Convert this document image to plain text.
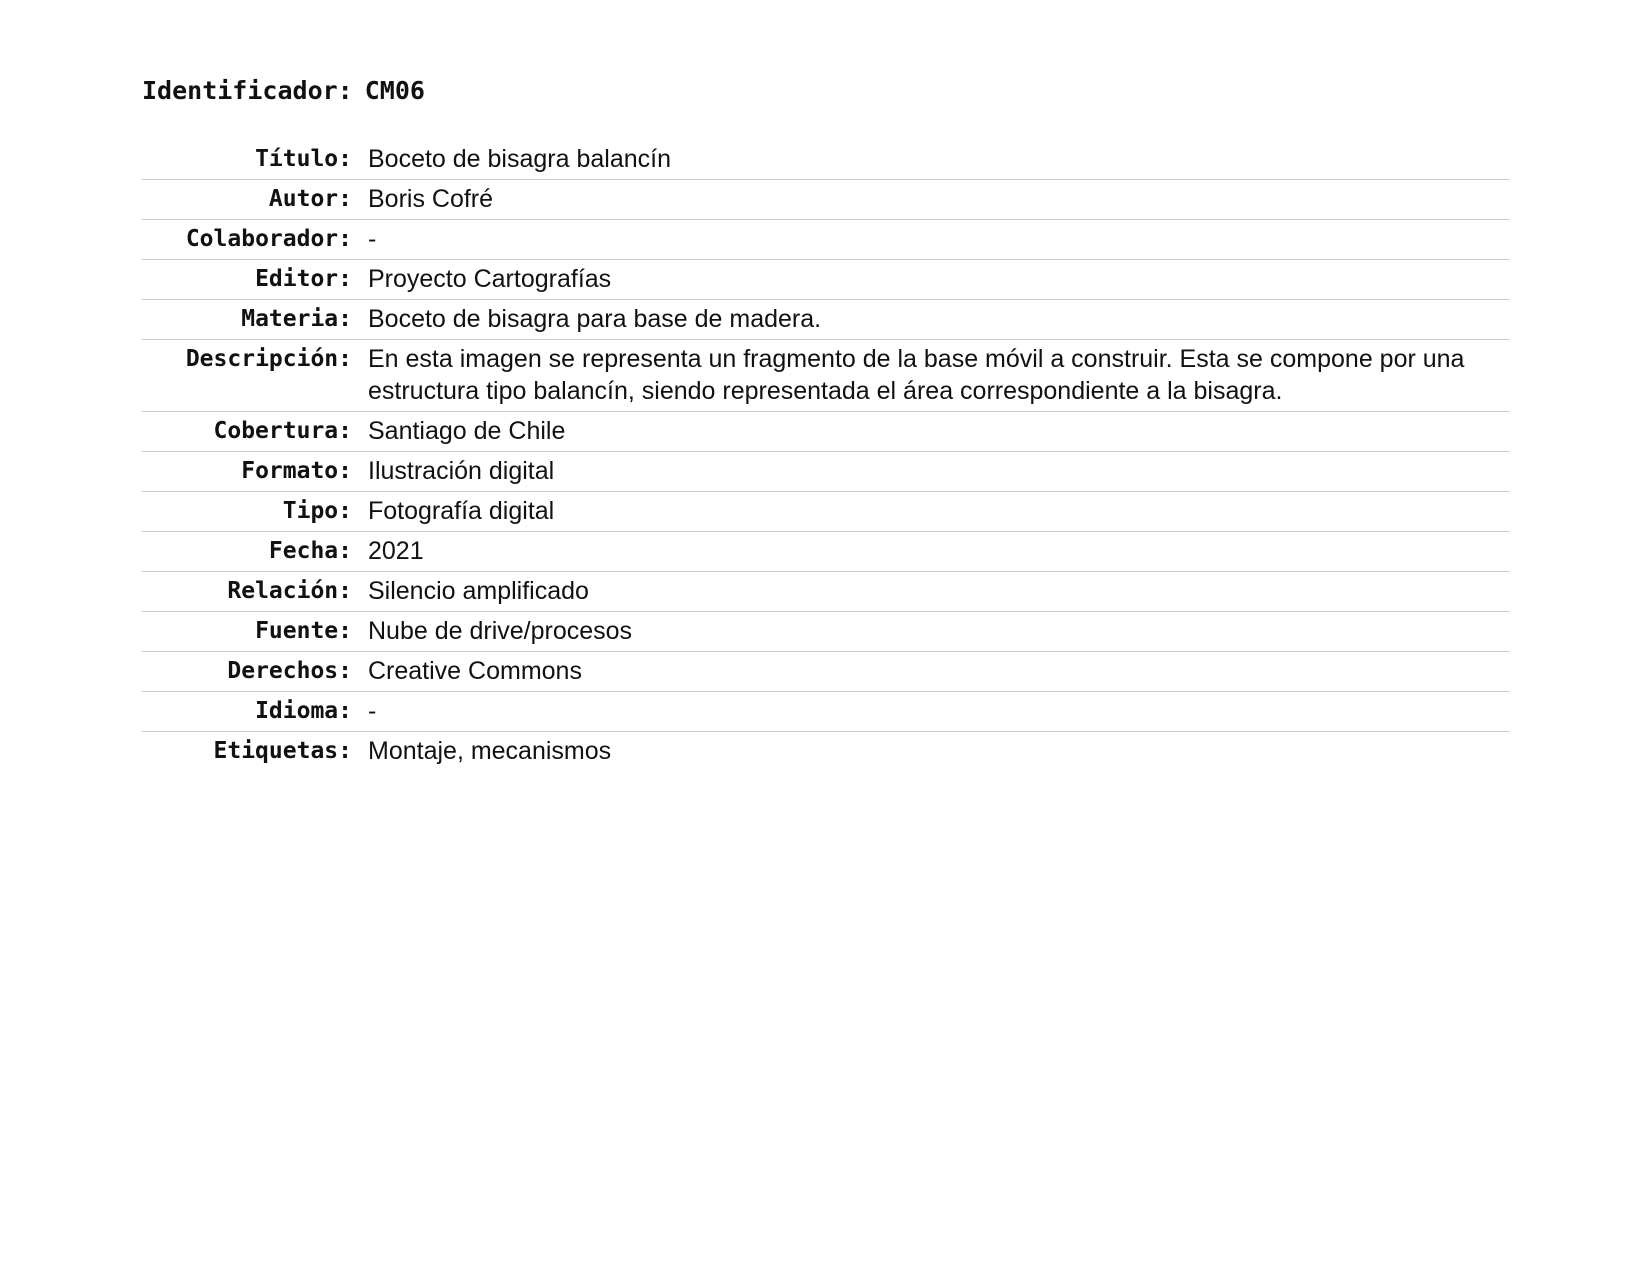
Identificador: CM06
Título:	Boceto de bisagra balancín
Autor:	Boris Cofré
Colaborador:	-
Editor:	Proyecto Cartografías
Materia:	Boceto de bisagra para base de madera.
Descripción:	En esta imagen se representa un fragmento de la base móvil a construir. Esta se compone por una estructura tipo balancín, siendo representada el área correspondiente a la bisagra.
Cobertura:	Santiago de Chile
Formato:	Ilustración digital
Tipo:	Fotografía digital
Fecha:	2021
Relación:	Silencio amplificado
Fuente:	Nube de drive/procesos
Derechos:	Creative Commons
Idioma:	-
Etiquetas:	Montaje, mecanismos
